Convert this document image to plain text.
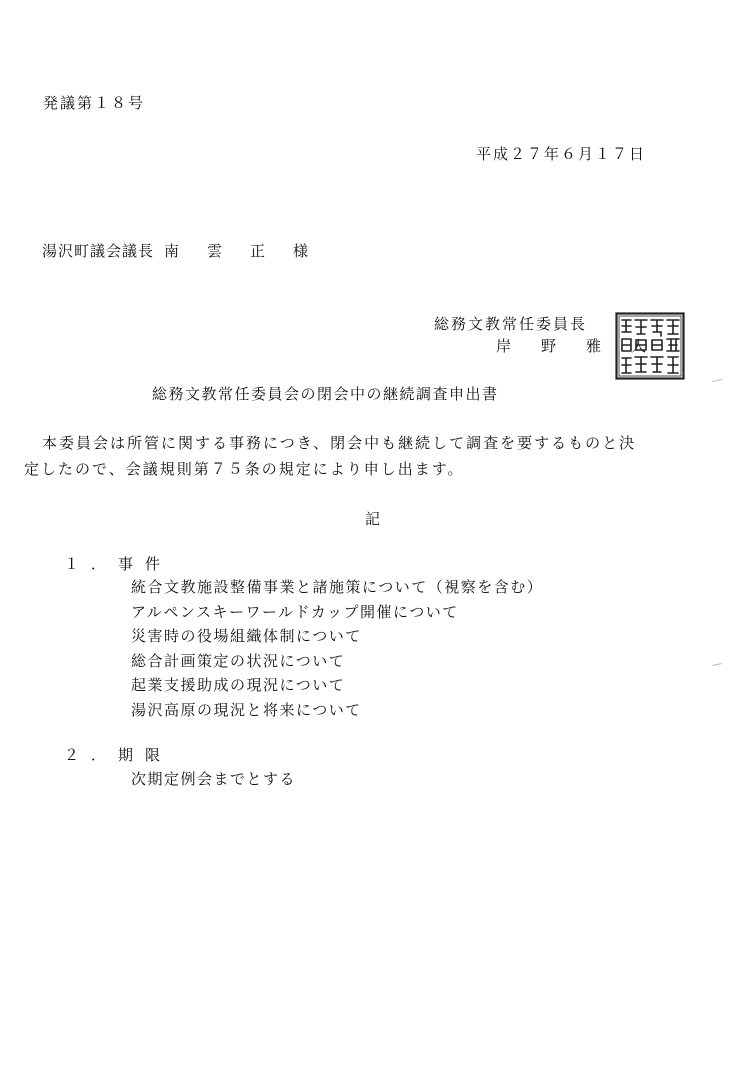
発議第１８号
平成２７年６月１７日
湯沢町議会議長 南雲正様
総務文教常任委員長
岸野雅人
総務文教常任委員会の閉会中の継続調査申出書
本委員会は所管に関する事務につき、閉会中も継続して調査を要するものと決
定したので、会議規則第７５条の規定により申し出ます。
記
１．事件
統合文教施設整備事業と諸施策について（視察を含む）
アルペンスキーワールドカップ開催について
災害時の役場組織体制について
総合計画策定の状況について
起業支援助成の現況について
湯沢高原の現況と将来について
２．期限
次期定例会までとする
